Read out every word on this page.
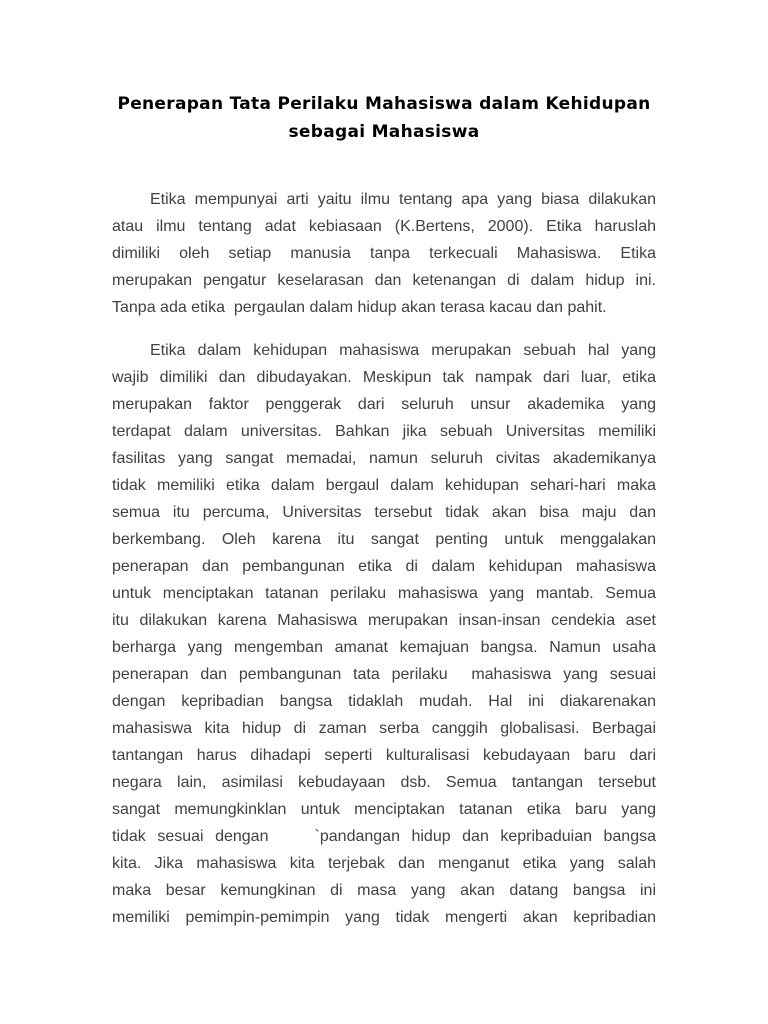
Penerapan Tata Perilaku Mahasiswa dalam Kehidupan
sebagai Mahasiswa
Etika mempunyai arti yaitu ilmu tentang apa yang biasa dilakukan
atau ilmu tentang adat kebiasaan (K.Bertens, 2000). Etika haruslah
dimiliki oleh setiap manusia tanpa terkecuali Mahasiswa. Etika
merupakan pengatur keselarasan dan ketenangan di dalam hidup ini.
Tanpa ada etika  pergaulan dalam hidup akan terasa kacau dan pahit.
Etika dalam kehidupan mahasiswa merupakan sebuah hal yang
wajib dimiliki dan dibudayakan. Meskipun tak nampak dari luar, etika
merupakan faktor penggerak dari seluruh unsur akademika yang
terdapat dalam universitas. Bahkan jika sebuah Universitas memiliki
fasilitas yang sangat memadai, namun seluruh civitas akademikanya
tidak memiliki etika dalam bergaul dalam kehidupan sehari-hari maka
semua itu percuma, Universitas tersebut tidak akan bisa maju dan
berkembang. Oleh karena itu sangat penting untuk menggalakan
penerapan dan pembangunan etika di dalam kehidupan mahasiswa
untuk menciptakan tatanan perilaku mahasiswa yang mantab. Semua
itu dilakukan karena Mahasiswa merupakan insan-insan cendekia aset
berharga yang mengemban amanat kemajuan bangsa. Namun usaha
penerapan dan pembangunan tata perilaku  mahasiswa yang sesuai
dengan kepribadian bangsa tidaklah mudah. Hal ini diakarenakan
mahasiswa kita hidup di zaman serba canggih globalisasi. Berbagai
tantangan harus dihadapi seperti kulturalisasi kebudayaan baru dari
negara lain, asimilasi kebudayaan dsb. Semua tantangan tersebut
sangat memungkinklan untuk menciptakan tatanan etika baru yang
tidak sesuai dengan    `pandangan hidup dan kepribaduian bangsa
kita. Jika mahasiswa kita terjebak dan menganut etika yang salah
maka besar kemungkinan di masa yang akan datang bangsa ini
memiliki pemimpin-pemimpin yang tidak mengerti akan kepribadian
